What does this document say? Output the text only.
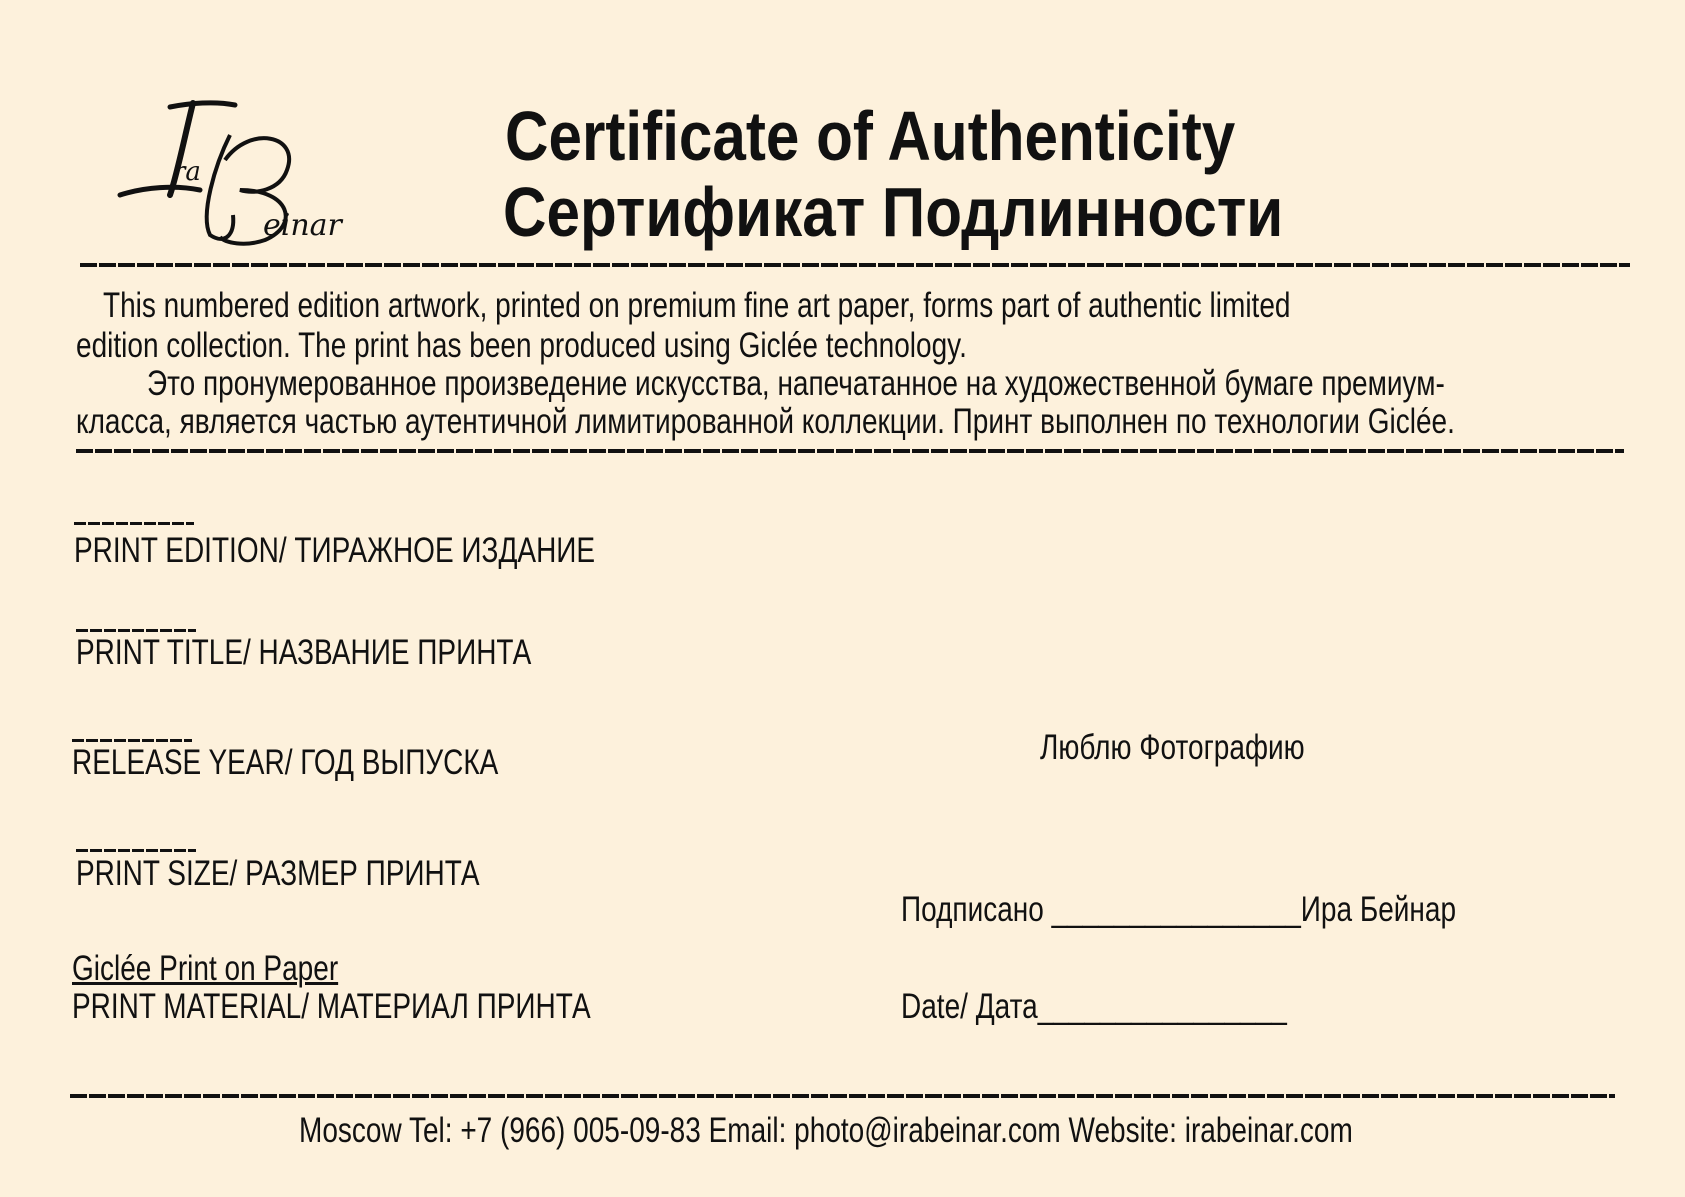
ra
einar
Certificate of Authenticity
Сертификат Подлинности
This numbered edition artwork, printed on premium fine art paper, forms part of authentic limited
edition collection. The print has been produced using Giclée technology.
Это пронумерованное произведение искусства, напечатанное на художественной бумаге премиум-
класса, является частью аутентичной лимитированной коллекции. Принт выполнен по технологии Giclée.
PRINT EDITION/ ТИРАЖНОЕ ИЗДАНИЕ
PRINT TITLE/ НАЗВАНИЕ ПРИНТА
RELEASE YEAR/ ГОД ВЫПУСКА	Люблю Фотографию
PRINT SIZE/ РАЗМЕР ПРИНТА
Подписано ________________Ира Бейнар
Giclée Print on Paper
PRINT MATERIAL/ МАТЕРИАЛ ПРИНТА	Date/ Дата________________
Moscow Tel: +7 (966) 005-09-83 Email: photo@irabeinar.com Website: irabeinar.com
